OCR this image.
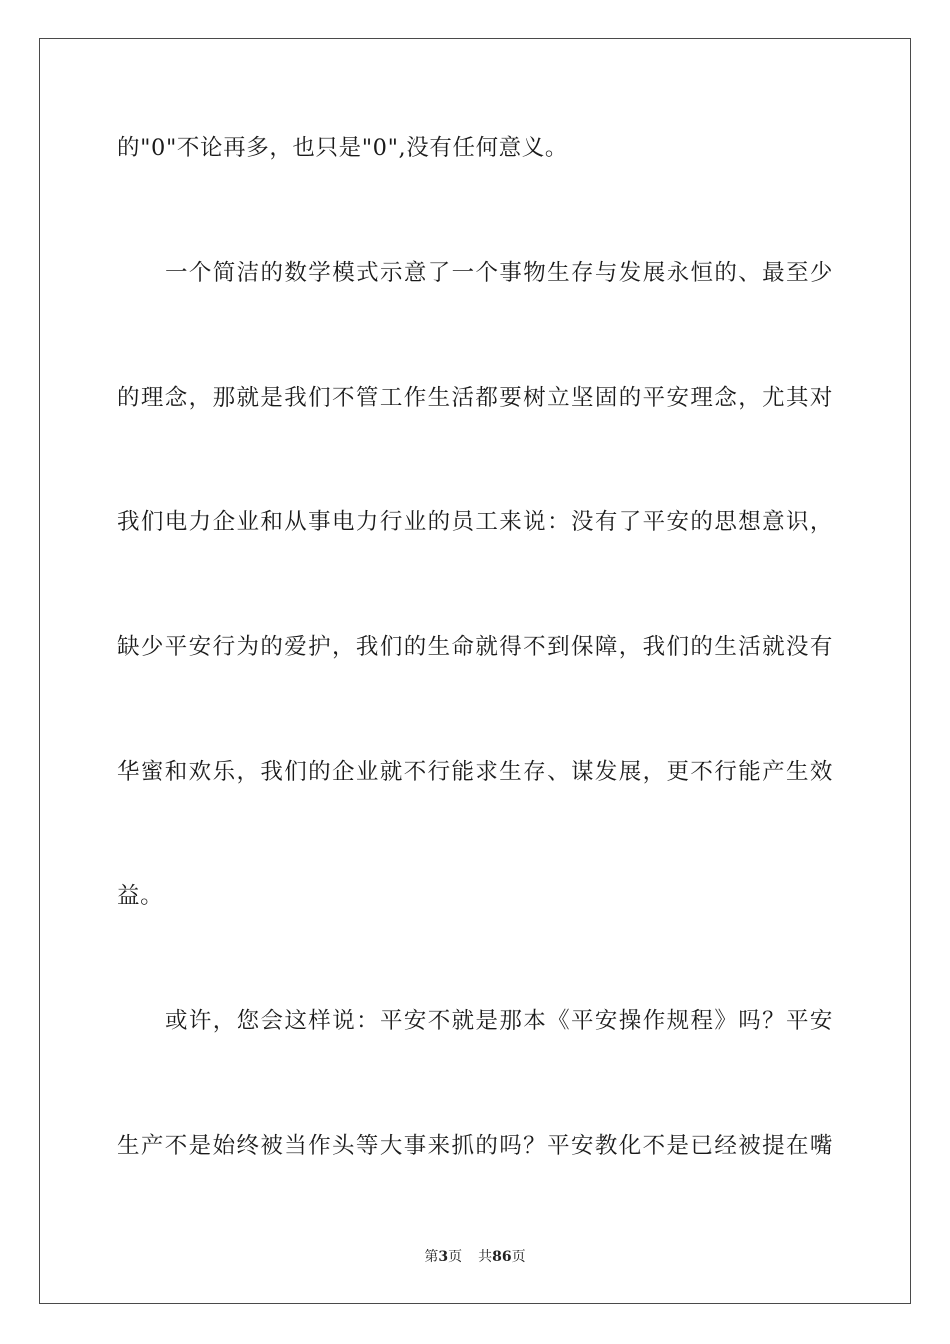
的"0"不论再多，也只是"0",没有任何意义。
一个简洁的数学模式示意了一个事物生存与发展永恒的、最至少
的理念，那就是我们不管工作生活都要树立坚固的平安理念，尤其对
我们电力企业和从事电力行业的员工来说：没有了平安的思想意识，
缺少平安行为的爱护，我们的生命就得不到保障，我们的生活就没有
华蜜和欢乐，我们的企业就不行能求生存、谋发展，更不行能产生效
益。
或许，您会这样说：平安不就是那本《平安操作规程》吗？平安
生产不是始终被当作头等大事来抓的吗？平安教化不是已经被提在嘴
第3页 共86页
